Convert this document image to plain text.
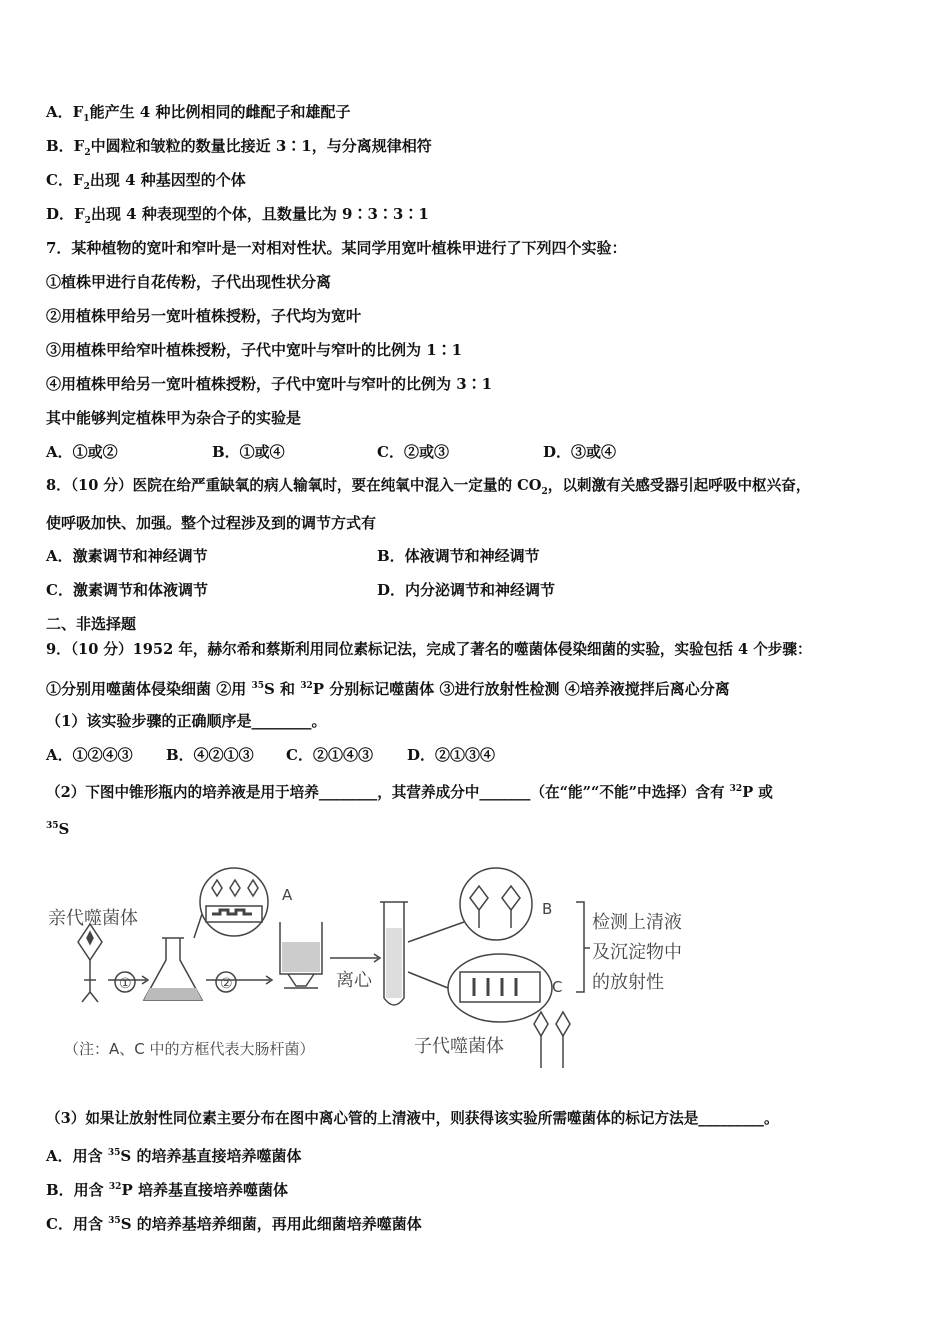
A．$F_1$能产生 4 种比例相同的雌配子和雄配子
B．$F_2$中圆粒和皱粒的数量比接近 3∶1，与分离规律相符
C．$F_2$出现 4 种基因型的个体
D．$F_2$出现 4 种表现型的个体，且数量比为 9∶3∶3∶1
7．某种植物的宽叶和窄叶是一对相对性状。某同学用宽叶植株甲进行了下列四个实验：
①植株甲进行自花传粉，子代出现性状分离
②用植株甲给另一宽叶植株授粉，子代均为宽叶
③用植株甲给窄叶植株授粉，子代中宽叶与窄叶的比例为 1∶1
④用植株甲给另一宽叶植株授粉，子代中宽叶与窄叶的比例为 3∶1
其中能够判定植株甲为杂合子的实验是
A．①或②	B．①或④	C．②或③	D．③或④
8．（10 分）医院在给严重缺氧的病人输氧时，要在纯氧中混入一定量的 $CO_2$，以刺激有关感受器引起呼吸中枢兴奋，
使呼吸加快、加强。整个过程涉及到的调节方式有
A．激素调节和神经调节	B．体液调节和神经调节
C．激素调节和体液调节	D．内分泌调节和神经调节
二、非选择题
9．（10 分）1952 年，赫尔希和蔡斯利用同位素标记法，完成了著名的噬菌体侵染细菌的实验，实验包括 4 个步骤：
①分别用噬菌体侵染细菌 ②用 $^{35}$S 和 $^{32}$P 分别标记噬菌体 ③进行放射性检测 ④培养液搅拌后离心分离
（1）该实验步骤的正确顺序是________。
A．①②④③ B．④②①③ C．②①④③ D．②①③④
（2）下图中锥形瓶内的培养液是用于培养________，其营养成分中_______（在“能”“不能”中选择）含有 $^{32}$P 或
$^{35}$S
亲代噬菌体
①	②
A
离心
B
C
检测上清液
及沉淀物中
的放射性
子代噬菌体
（注：A、C 中的方框代表大肠杆菌）
（3）如果让放射性同位素主要分布在图中离心管的上清液中，则获得该实验所需噬菌体的标记方法是_________。
A．用含 $^{35}$S 的培养基直接培养噬菌体
B．用含 $^{32}$P 培养基直接培养噬菌体
C．用含 $^{35}$S 的培养基培养细菌，再用此细菌培养噬菌体
